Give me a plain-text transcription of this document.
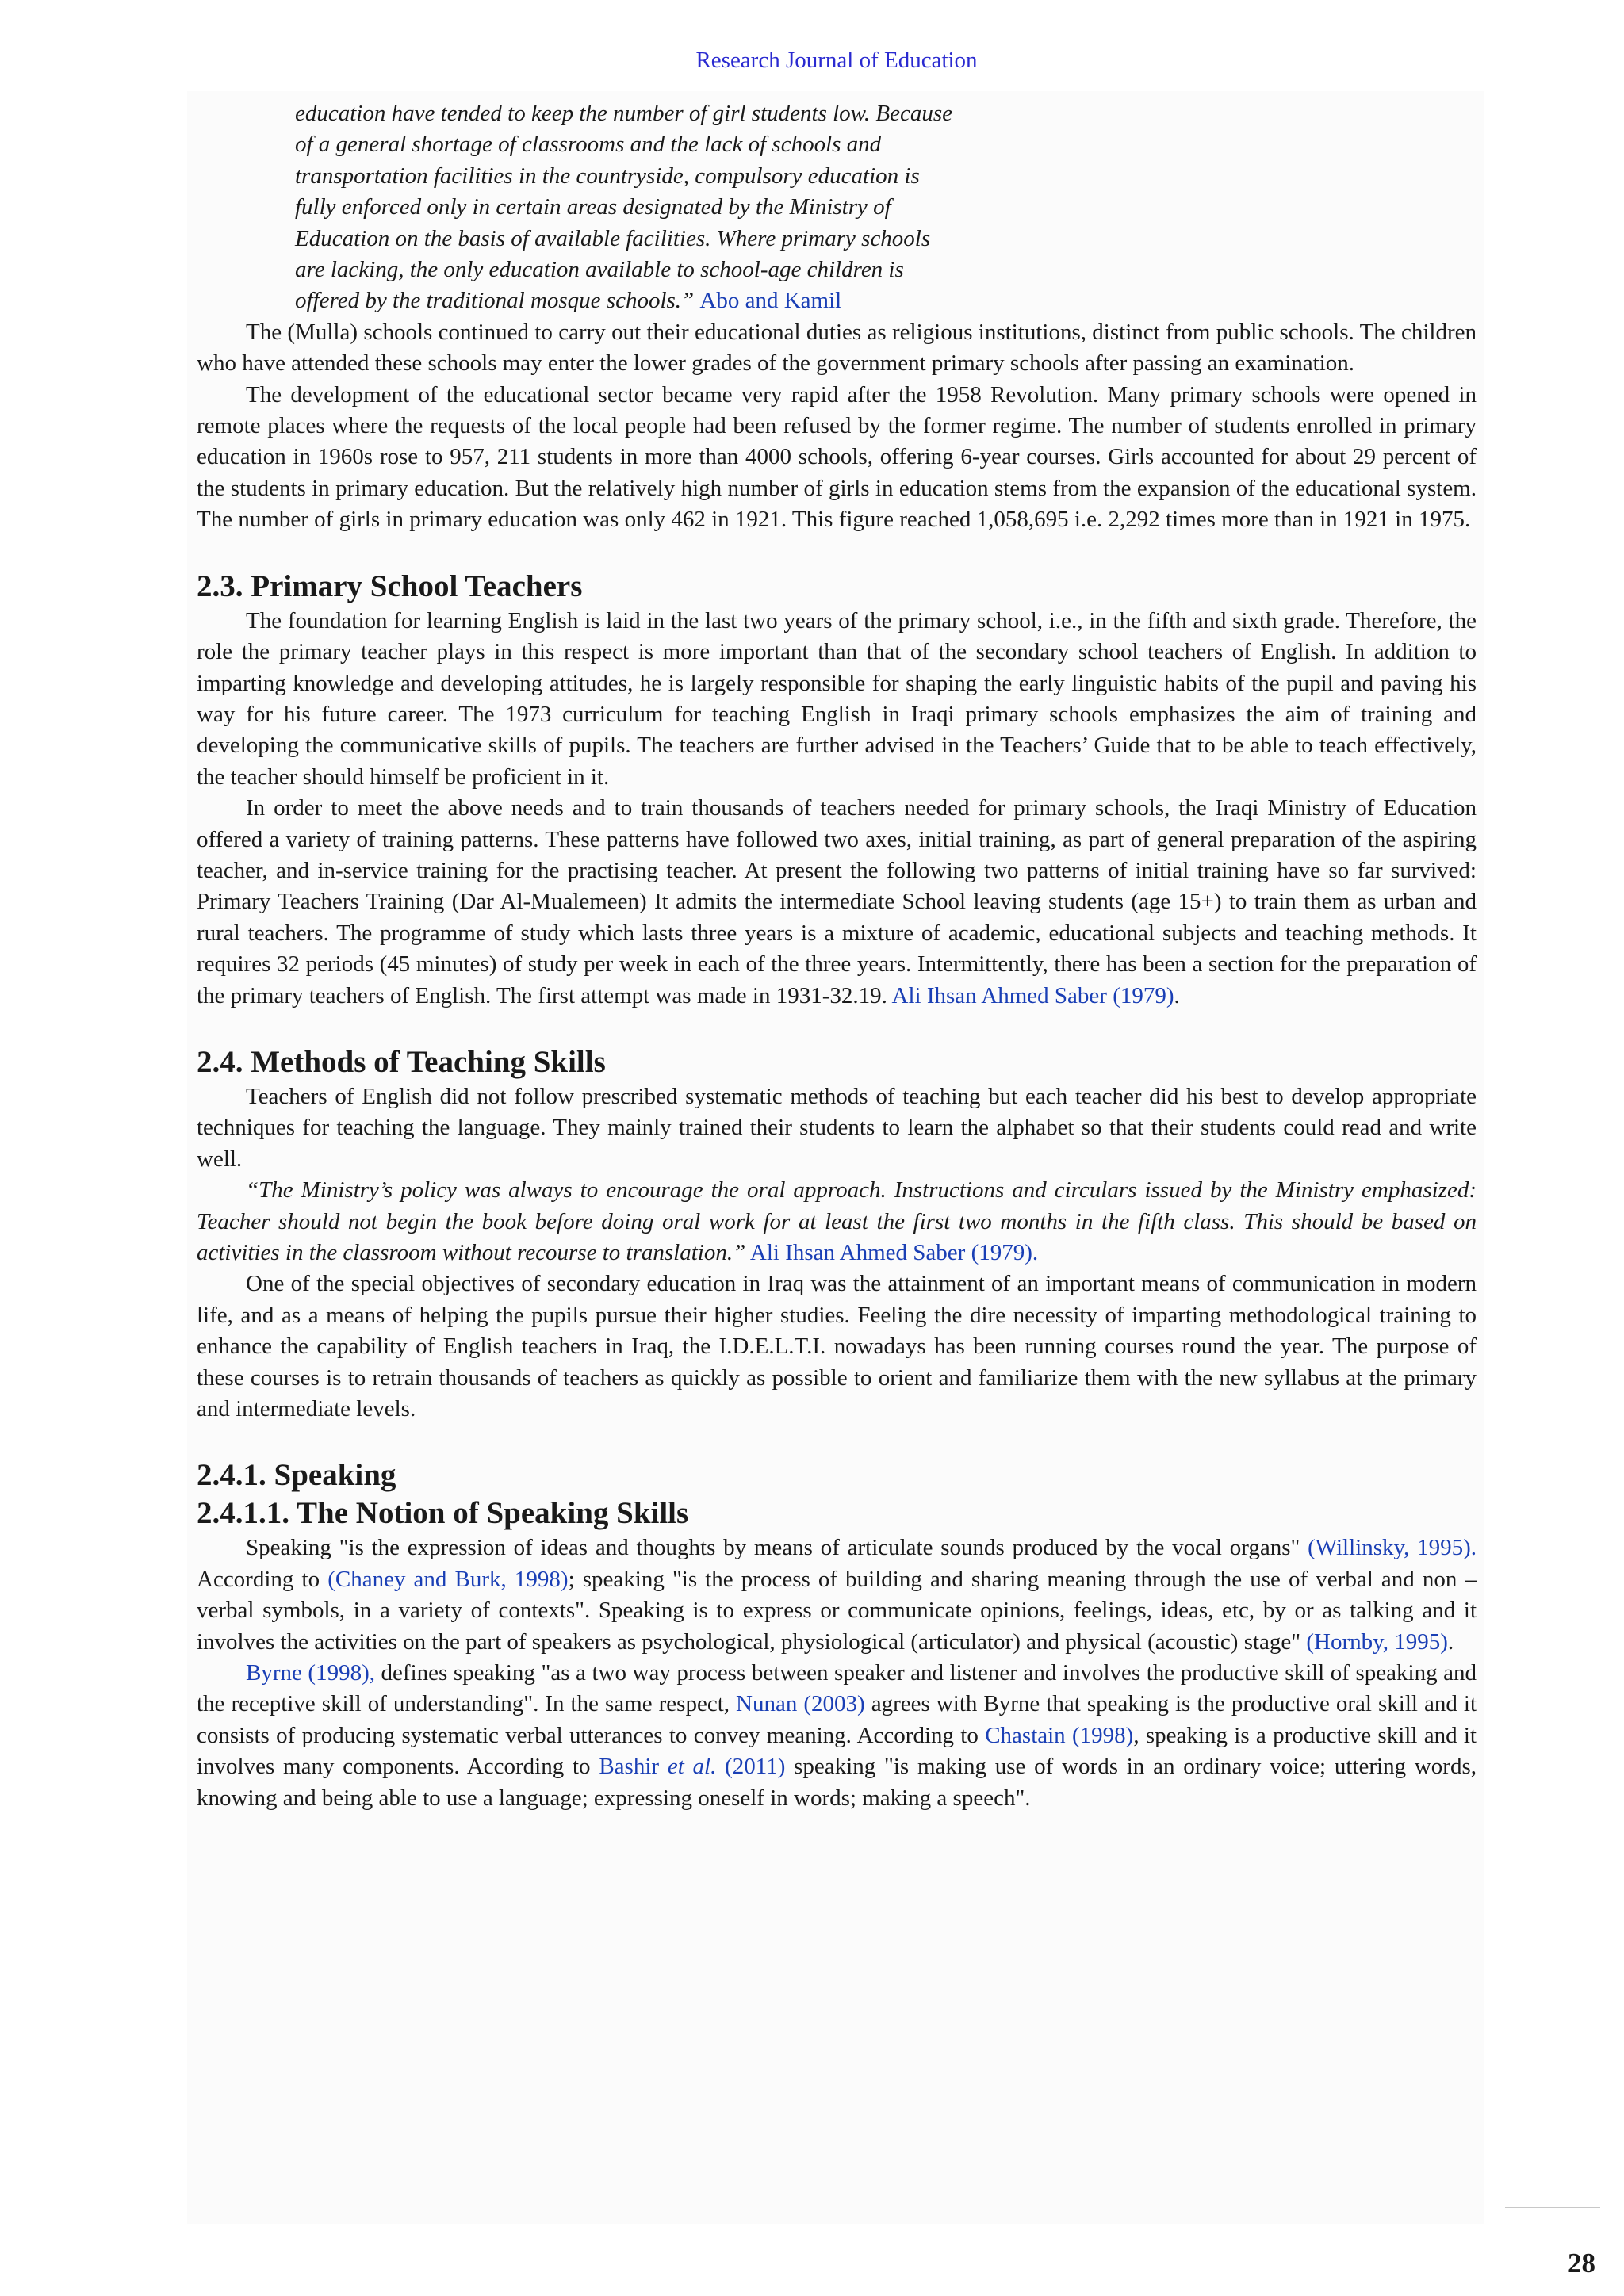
Research Journal of Education

education have tended to keep the number of girl students low. Because

of a general shortage of classrooms and the lack of schools and

transportation facilities in the countryside, compulsory education is

fully enforced only in certain areas designated by the Ministry of

Education on the basis of available facilities. Where primary schools

are lacking, the only education available to school-age children is

offered by the traditional mosque schools.” Abo and Kamil

The (Mulla) schools continued to carry out their educational duties as religious institutions, distinct from public schools. The children who have attended these schools may enter the lower grades of the government primary schools after passing an examination.

The development of the educational sector became very rapid after the 1958 Revolution. Many primary schools were opened in remote places where the requests of the local people had been refused by the former regime. The number of students enrolled in primary education in 1960s rose to 957, 211 students in more than 4000 schools, offering 6-year courses. Girls accounted for about 29 percent of the students in primary education. But the relatively high number of girls in education stems from the expansion of the educational system. The number of girls in primary education was only 462 in 1921. This figure reached 1,058,695 i.e. 2,292 times more than in 1921 in 1975.

2.3. Primary School Teachers

The foundation for learning English is laid in the last two years of the primary school, i.e., in the fifth and sixth grade. Therefore, the role the primary teacher plays in this respect is more important than that of the secondary school teachers of English. In addition to imparting knowledge and developing attitudes, he is largely responsible for shaping the early linguistic habits of the pupil and paving his way for his future career. The 1973 curriculum for teaching English in Iraqi primary schools emphasizes the aim of training and developing the communicative skills of pupils. The teachers are further advised in the Teachers’ Guide that to be able to teach effectively, the teacher should himself be proficient in it.

In order to meet the above needs and to train thousands of teachers needed for primary schools, the Iraqi Ministry of Education offered a variety of training patterns. These patterns have followed two axes, initial training, as part of general preparation of the aspiring teacher, and in-service training for the practising teacher. At present the following two patterns of initial training have so far survived: Primary Teachers Training (Dar Al-Mualemeen) It admits the intermediate School leaving students (age 15+) to train them as urban and rural teachers. The programme of study which lasts three years is a mixture of academic, educational subjects and teaching methods. It requires 32 periods (45 minutes) of study per week in each of the three years. Intermittently, there has been a section for the preparation of the primary teachers of English. The first attempt was made in 1931-32.19. Ali Ihsan Ahmed Saber (1979).

2.4. Methods of Teaching Skills

Teachers of English did not follow prescribed systematic methods of teaching but each teacher did his best to develop appropriate techniques for teaching the language. They mainly trained their students to learn the alphabet so that their students could read and write well.

“The Ministry’s policy was always to encourage the oral approach. Instructions and circulars issued by the Ministry emphasized: Teacher should not begin the book before doing oral work for at least the first two months in the fifth class. This should be based on activities in the classroom without recourse to translation.” Ali Ihsan Ahmed Saber (1979).

One of the special objectives of secondary education in Iraq was the attainment of an important means of communication in modern life, and as a means of helping the pupils pursue their higher studies. Feeling the dire necessity of imparting methodological training to enhance the capability of English teachers in Iraq, the I.D.E.L.T.I. nowadays has been running courses round the year. The purpose of these courses is to retrain thousands of teachers as quickly as possible to orient and familiarize them with the new syllabus at the primary and intermediate levels.

2.4.1. Speaking
2.4.1.1. The Notion of Speaking Skills

Speaking "is the expression of ideas and thoughts by means of articulate sounds produced by the vocal organs" (Willinsky, 1995). According to (Chaney and Burk, 1998); speaking "is the process of building and sharing meaning through the use of verbal and non – verbal symbols, in a variety of contexts". Speaking is to express or communicate opinions, feelings, ideas, etc, by or as talking and it involves the activities on the part of speakers as psychological, physiological (articulator) and physical (acoustic) stage" (Hornby, 1995).

Byrne (1998), defines speaking "as a two way process between speaker and listener and involves the productive skill of speaking and the receptive skill of understanding". In the same respect, Nunan (2003) agrees with Byrne that speaking is the productive oral skill and it consists of producing systematic verbal utterances to convey meaning. According to Chastain (1998), speaking is a productive skill and it involves many components. According to Bashir et al. (2011) speaking "is making use of words in an ordinary voice; uttering words, knowing and being able to use a language; expressing oneself in words; making a speech".

28
